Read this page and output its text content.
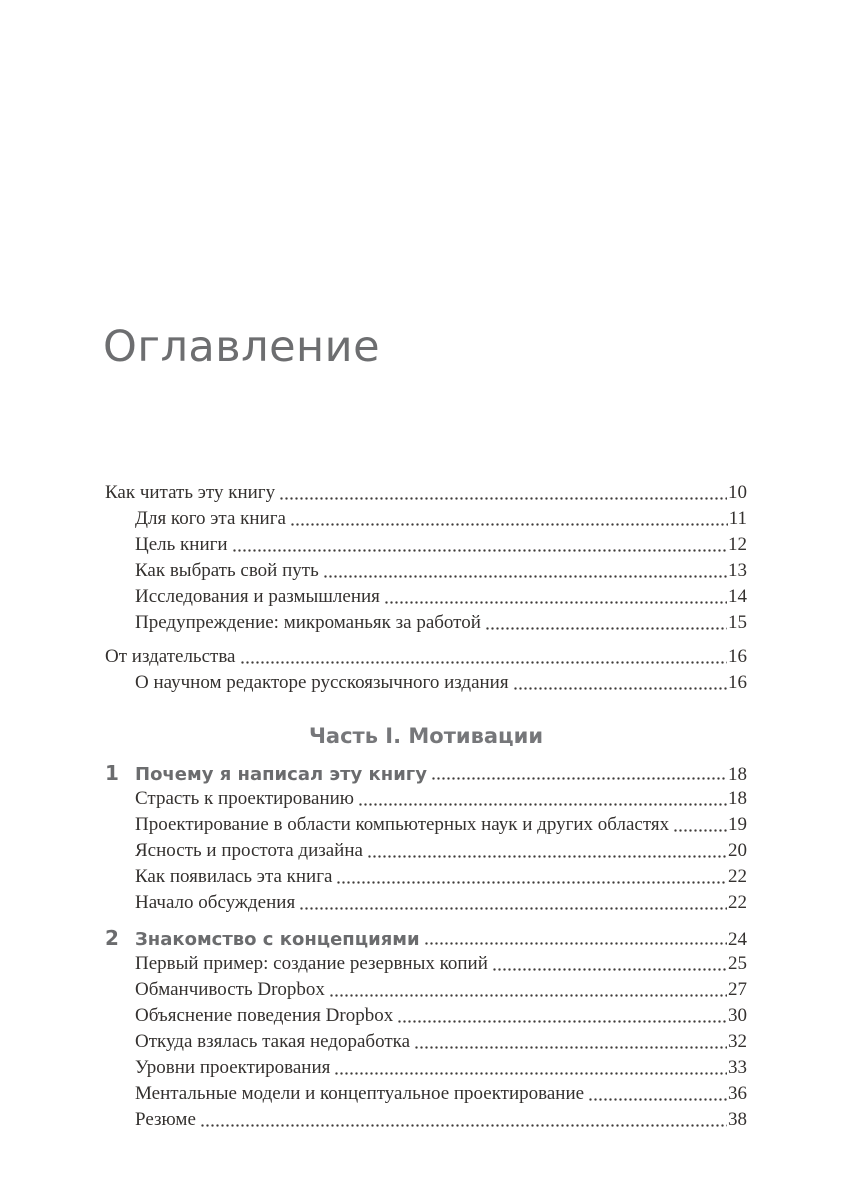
Оглавление
Как читать эту книгу	10
Для кого эта книга	11
Цель книги	12
Как выбрать свой путь	13
Исследования и размышления	14
Предупреждение: микроманьяк за работой	15
От издательства	16
О научном редакторе русскоязычного издания	16
Часть I. Мотивации
1 Почему я написал эту книгу	18
Страсть к проектированию	18
Проектирование в области компьютерных наук и других областях	19
Ясность и простота дизайна	20
Как появилась эта книга	22
Начало обсуждения	22
2 Знакомство с концепциями	24
Первый пример: создание резервных копий	25
Обманчивость Dropbox	27
Объяснение поведения Dropbox	30
Откуда взялась такая недоработка	32
Уровни проектирования	33
Ментальные модели и концептуальное проектирование	36
Резюме	38
